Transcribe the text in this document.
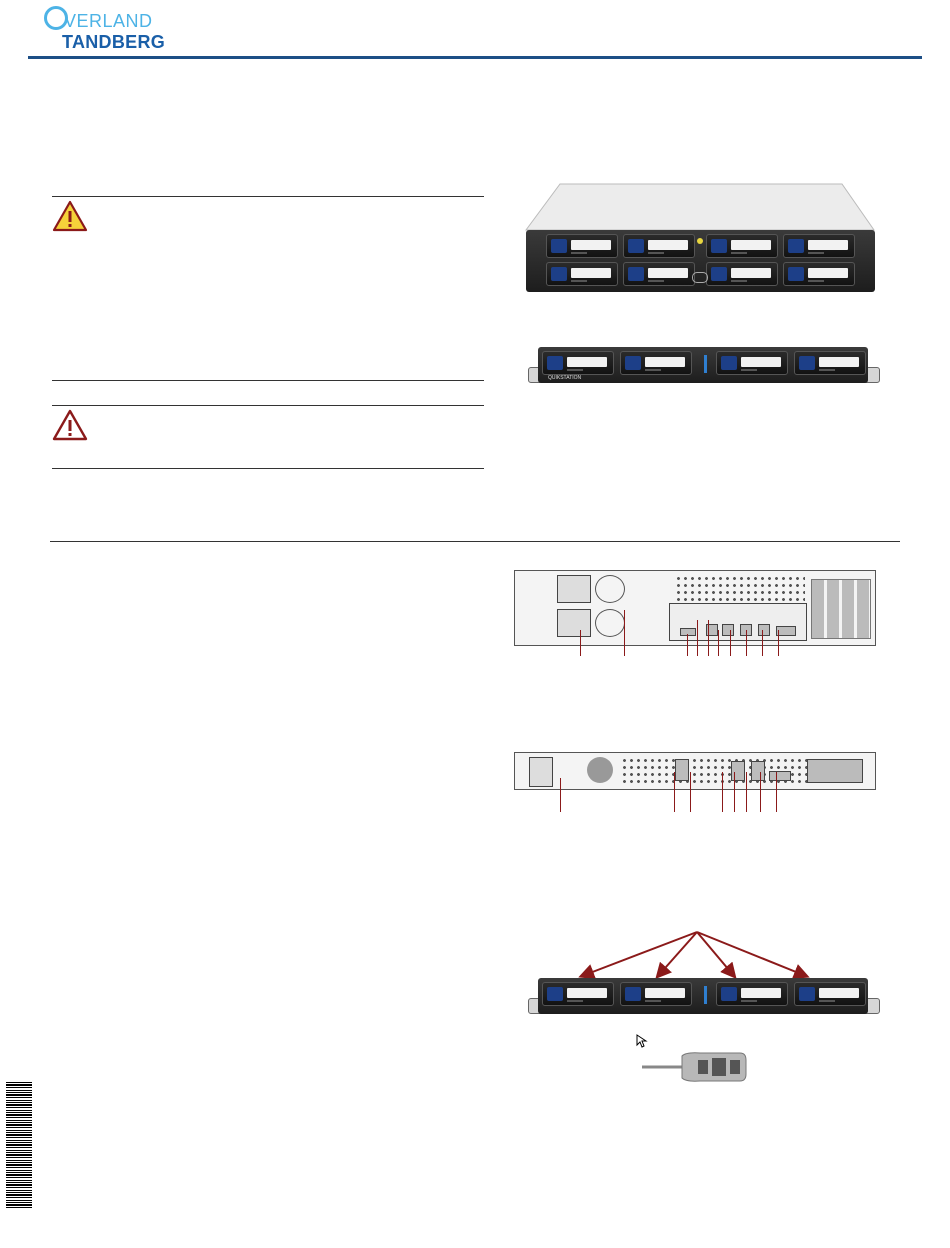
VERLAND
TANDBERG
QUIKSTATION
